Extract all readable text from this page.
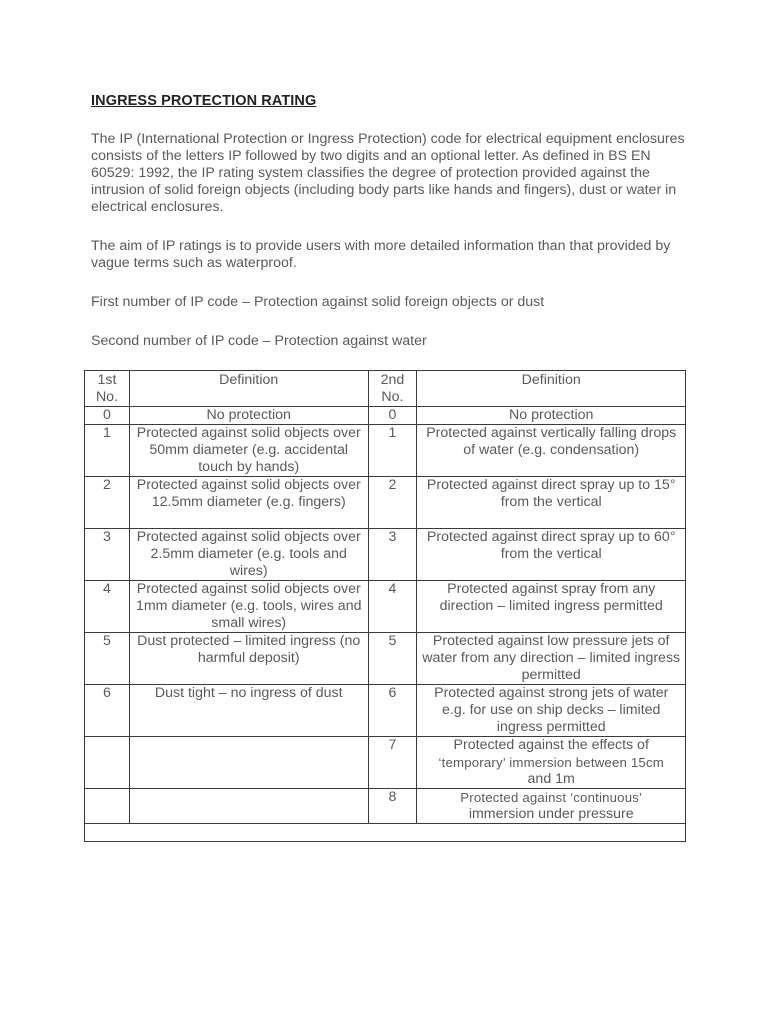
INGRESS PROTECTION RATING

The IP (International Protection or Ingress Protection) code for electrical equipment enclosures consists of the letters IP followed by two digits and an optional letter. As defined in BS EN 60529: 1992, the IP rating system classifies the degree of protection provided against the intrusion of solid foreign objects (including body parts like hands and fingers), dust or water in electrical enclosures.

The aim of IP ratings is to provide users with more detailed information than that provided by vague terms such as waterproof.

First number of IP code – Protection against solid foreign objects or dust

Second number of IP code – Protection against water

1st No.	Definition	2nd No.	Definition
0	No protection	0	No protection
1	Protected against solid objects over 50mm diameter (e.g. accidental touch by hands)	1	Protected against vertically falling drops of water (e.g. condensation)
2	Protected against solid objects over 12.5mm diameter (e.g. fingers)	2	Protected against direct spray up to 15° from the vertical
3	Protected against solid objects over 2.5mm diameter (e.g. tools and wires)	3	Protected against direct spray up to 60° from the vertical
4	Protected against solid objects over 1mm diameter (e.g. tools, wires and small wires)	4	Protected against spray from any direction – limited ingress permitted
5	Dust protected – limited ingress (no harmful deposit)	5	Protected against low pressure jets of water from any direction – limited ingress permitted
6	Dust tight – no ingress of dust	6	Protected against strong jets of water e.g. for use on ship decks – limited ingress permitted
		7	Protected against the effects of
‘temporary’ immersion between 15cm
and 1m

		8	Protected against ‘continuous’
immersion under pressure
